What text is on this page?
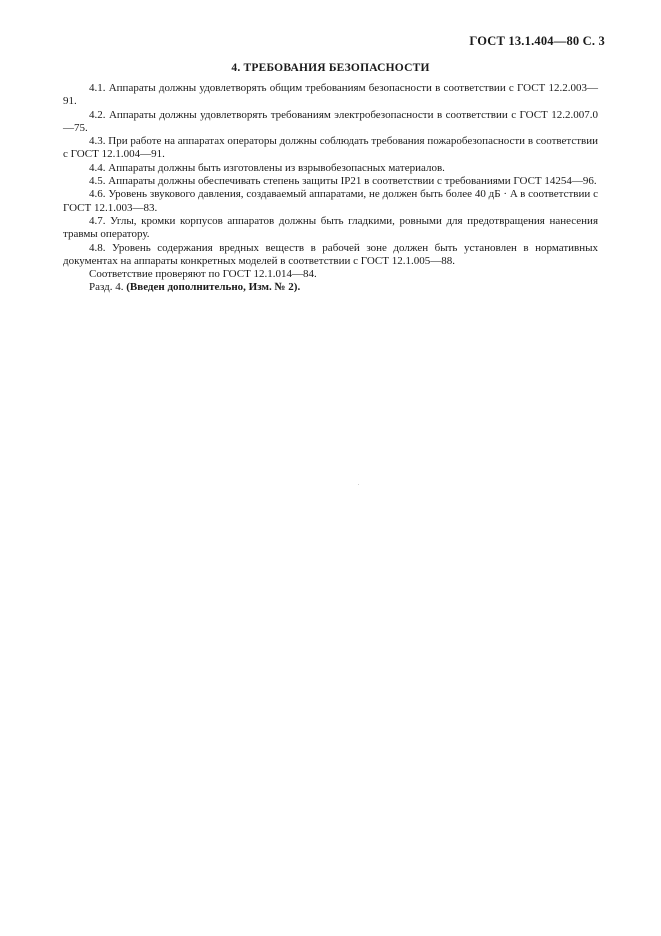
ГОСТ 13.1.404—80 С. 3
4. ТРЕБОВАНИЯ БЕЗОПАСНОСТИ

4.1. Аппараты должны удовлетворять общим требованиям безопасности в соответствии с ГОСТ 12.2.003—91.

4.2. Аппараты должны удовлетворять требованиям электробезопасности в соответствии с ГОСТ 12.2.007.0—75.

4.3. При работе на аппаратах операторы должны соблюдать требования пожаробезопасности в соответствии с ГОСТ 12.1.004—91.

4.4. Аппараты должны быть изготовлены из взрывобезопасных материалов.

4.5. Аппараты должны обеспечивать степень защиты IP21 в соответствии с требованиями ГОСТ 14254—96.

4.6. Уровень звукового давления, создаваемый аппаратами, не должен быть более 40 дБ · A в соответствии с ГОСТ 12.1.003—83.

4.7. Углы, кромки корпусов аппаратов должны быть гладкими, ровными для предотвращения нанесения травмы оператору.

4.8. Уровень содержания вредных веществ в рабочей зоне должен быть установлен в нормативных документах на аппараты конкретных моделей в соответствии с ГОСТ 12.1.005—88.

Соответствие проверяют по ГОСТ 12.1.014—84.

Разд. 4. (Введен дополнительно, Изм. № 2).
